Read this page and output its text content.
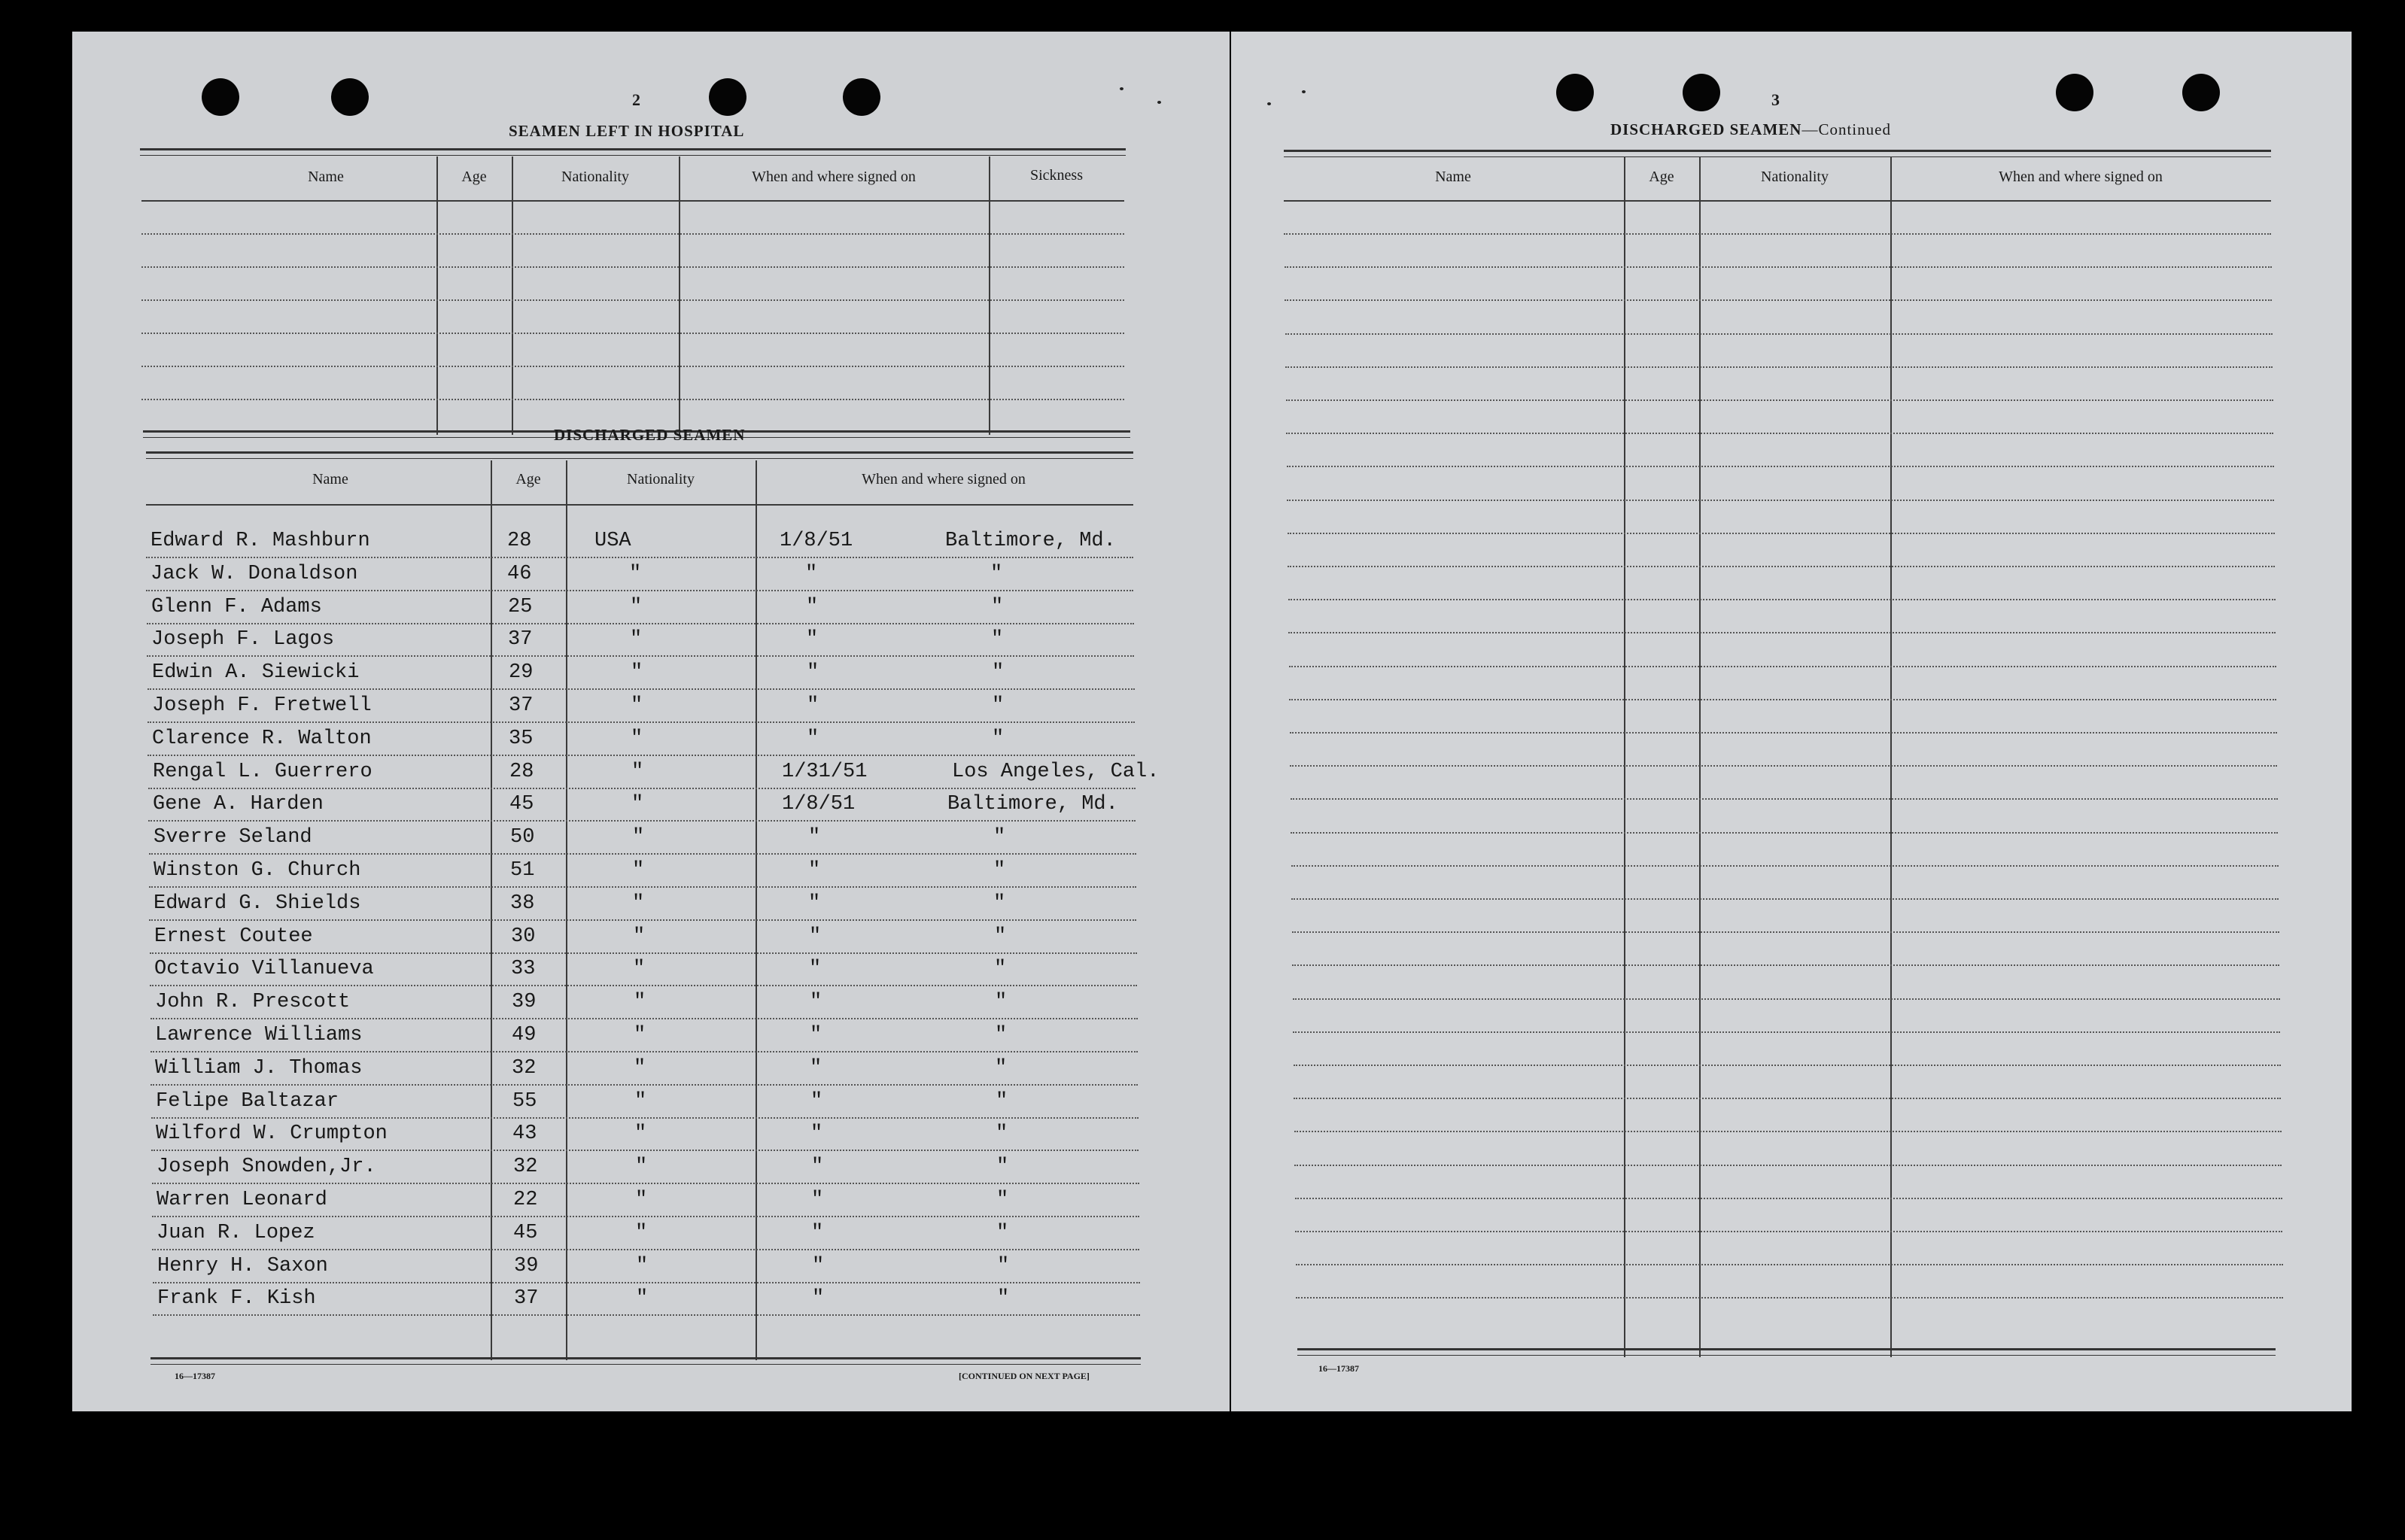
2
SEAMEN LEFT IN HOSPITAL
Name	Age	Nationality	When and where signed on	Sickness
DISCHARGED SEAMEN
Name	Age	Nationality	When and where signed on
Edward R. Mashburn	28	USA	1/8/51	Baltimore, Md.
Jack W. Donaldson	46	"	"	"
Glenn F. Adams	25	"	"	"
Joseph F. Lagos	37	"	"	"
Edwin A. Siewicki	29	"	"	"
Joseph F. Fretwell	37	"	"	"
Clarence R. Walton	35	"	"	"
Rengal L. Guerrero	28	"	1/31/51	Los Angeles, Cal.
Gene A. Harden	45	"	1/8/51	Baltimore, Md.
Sverre Seland	50	"	"	"
Winston G. Church	51	"	"	"
Edward G. Shields	38	"	"	"
Ernest Coutee	30	"	"	"
Octavio Villanueva	33	"	"	"
John R. Prescott	39	"	"	"
Lawrence Williams	49	"	"	"
William J. Thomas	32	"	"	"
Felipe Baltazar	55	"	"	"
Wilford W. Crumpton	43	"	"	"
Joseph Snowden,Jr.	32	"	"	"
Warren Leonard	22	"	"	"
Juan R. Lopez	45	"	"	"
Henry H. Saxon	39	"	"	"
Frank F. Kish	37	"	"	"
16—17387	[CONTINUED ON NEXT PAGE]
3
DISCHARGED SEAMEN—Continued
Name	Age	Nationality	When and where signed on
16—17387
